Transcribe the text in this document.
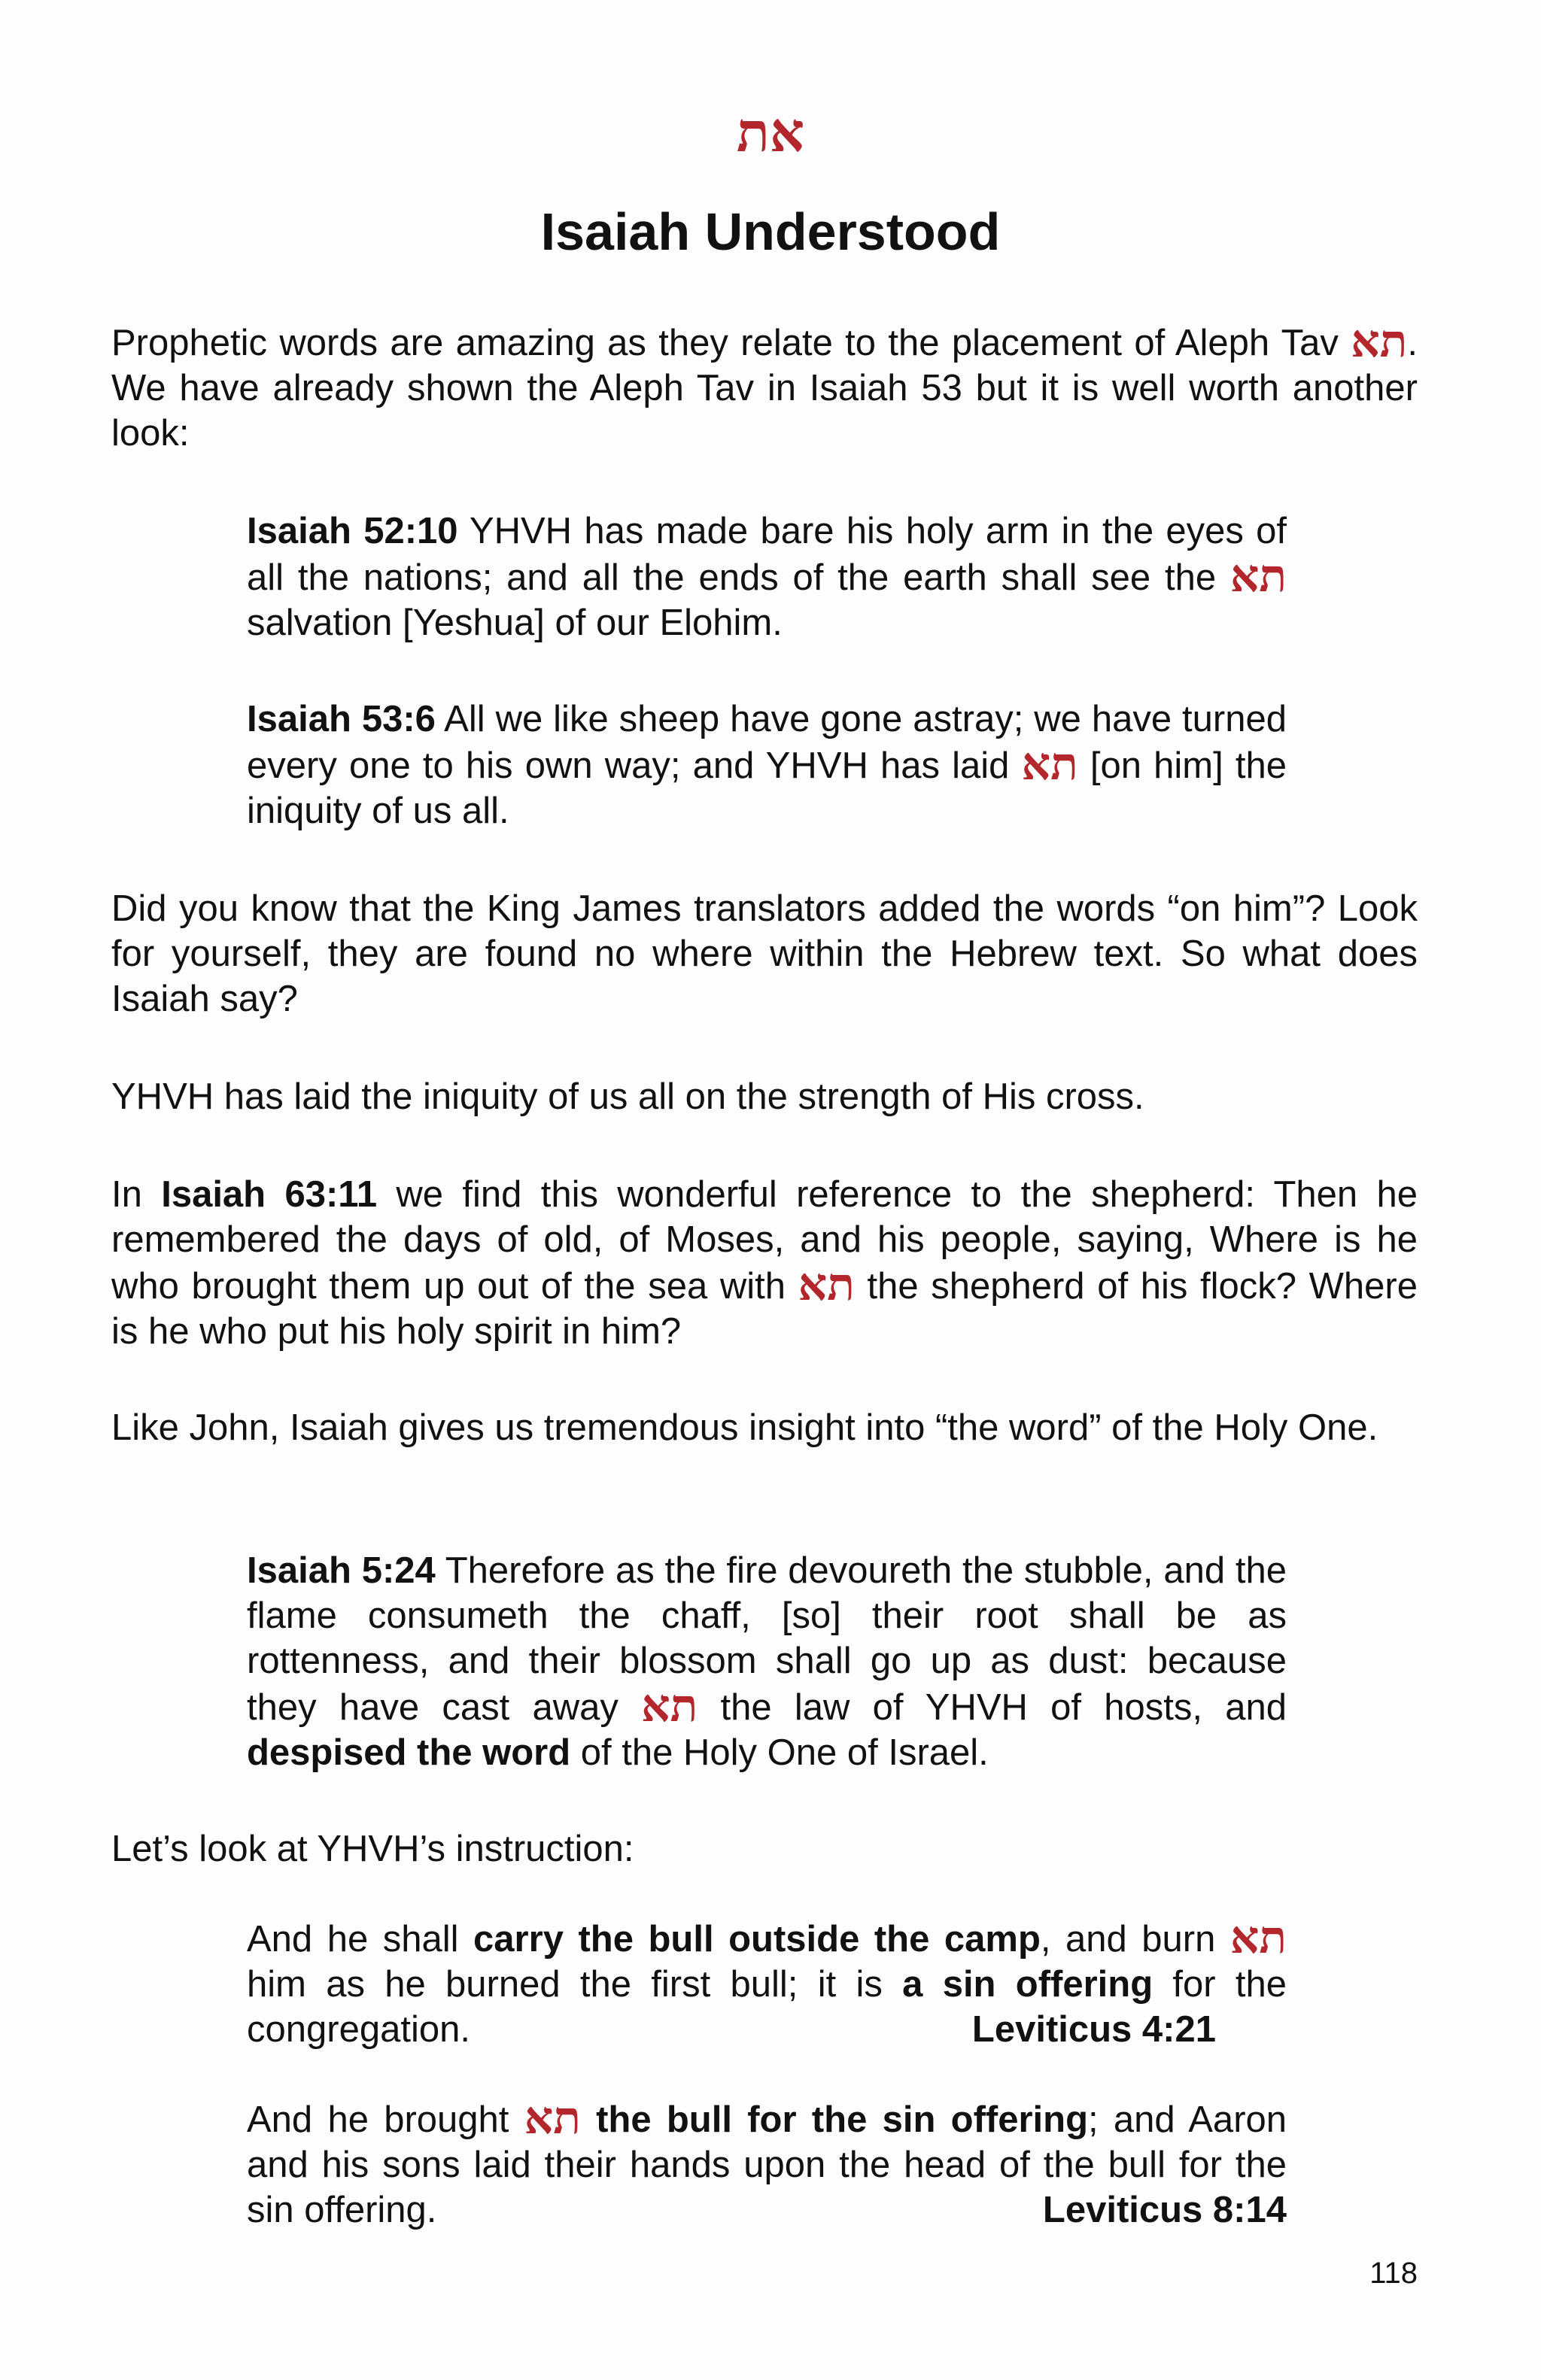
את
Isaiah Understood

Prophetic words are amazing as they relate to the placement of Aleph Tav תא. We have already shown the Aleph Tav in Isaiah 53 but it is well worth another look:

Isaiah 52:10 YHVH has made bare his holy arm in the eyes of all the nations; and all the ends of the earth shall see the תא salvation [Yeshua] of our Elohim.

Isaiah 53:6 All we like sheep have gone astray; we have turned every one to his own way; and YHVH has laid תא [on him] the iniquity of us all.

Did you know that the King James translators added the words “on him”? Look for yourself, they are found no where within the Hebrew text. So what does Isaiah say?

YHVH has laid the iniquity of us all on the strength of His cross.

In Isaiah 63:11 we find this wonderful reference to the shepherd: Then he remembered the days of old, of Moses, and his people, saying, Where is he who brought them up out of the sea with תא the shepherd of his flock? Where is he who put his holy spirit in him?

Like John, Isaiah gives us tremendous insight into “the word” of the Holy One.

Isaiah 5:24 Therefore as the fire devoureth the stubble, and the flame consumeth the chaff, [so] their root shall be as rottenness, and their blossom shall go up as dust: because they have cast away תא the law of YHVH of hosts, and despised the word of the Holy One of Israel.

Let’s look at YHVH’s instruction:

And he shall carry the bull outside the camp, and burn תא him as he burned the first bull; it is a sin offering for the congregation.	Leviticus 4:21

And he brought תא the bull for the sin offering; and Aaron and his sons laid their hands upon the head of the bull for the sin offering.	Leviticus 8:14

118
